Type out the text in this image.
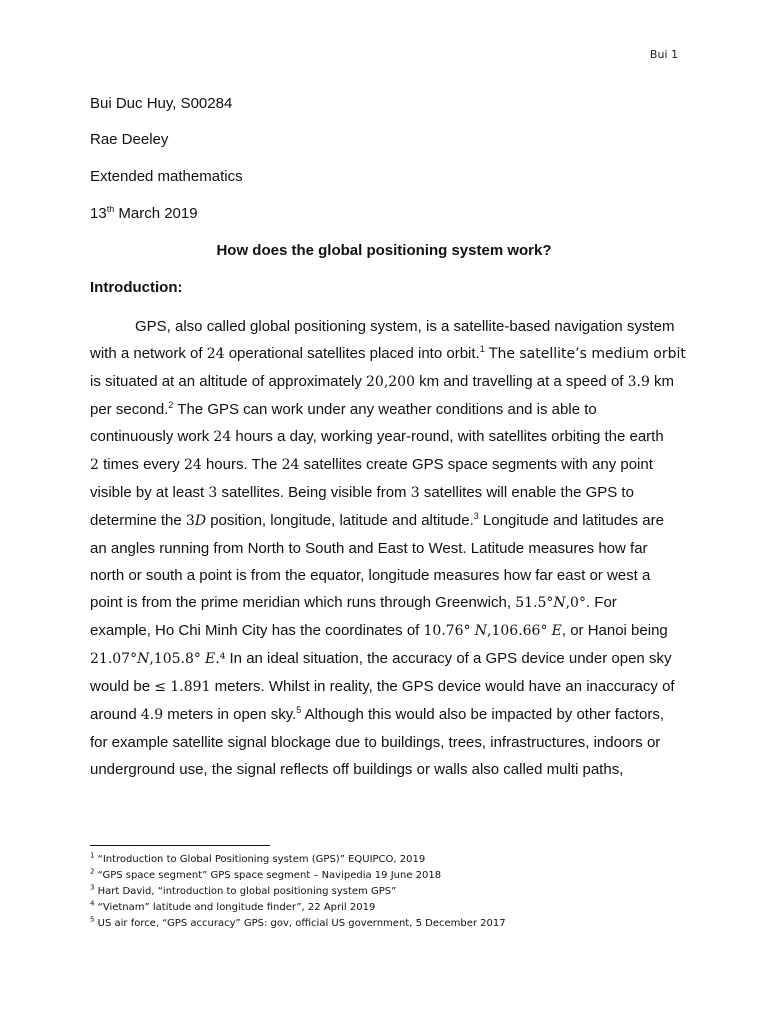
Bui 1
Bui Duc Huy, S00284
Rae Deeley
Extended mathematics
13th March 2019
How does the global positioning system work?
Introduction:
GPS, also called global positioning system, is a satellite-based navigation system
with a network of 24 operational satellites placed into orbit.$^1$ The satellite’s medium orbit
is situated at an altitude of approximately 20,200 km and travelling at a speed of 3.9 km
per second.$^2$ The GPS can work under any weather conditions and is able to
continuously work 24 hours a day, working year-round, with satellites orbiting the earth
2 times every 24 hours. The 24 satellites create GPS space segments with any point
visible by at least 3 satellites. Being visible from 3 satellites will enable the GPS to
determine the 3D position, longitude, latitude and altitude.$^3$ Longitude and latitudes are
an angles running from North to South and East to West. Latitude measures how far
north or south a point is from the equator, longitude measures how far east or west a
point is from the prime meridian which runs through Greenwich, 51.5°N,0°. For
example, Ho Chi Minh City has the coordinates of 10.76° N,106.66° E, or Hanoi being
21.07°N,105.8° E.⁴ In an ideal situation, the accuracy of a GPS device under open sky
would be ≤ 1.891 meters. Whilst in reality, the GPS device would have an inaccuracy of
around 4.9 meters in open sky.$^5$ Although this would also be impacted by other factors,
for example satellite signal blockage due to buildings, trees, infrastructures, indoors or
underground use, the signal reflects off buildings or walls also called multi paths,
$^1$ “Introduction to Global Positioning system (GPS)” EQUIPCO, 2019
$^2$ “GPS space segment” GPS space segment – Navipedia 19 June 2018
$^3$ Hart David, “introduction to global positioning system GPS”
$^4$ “Vietnam” latitude and longitude finder”, 22 April 2019
$^5$ US air force, “GPS accuracy” GPS: gov, official US government, 5 December 2017
